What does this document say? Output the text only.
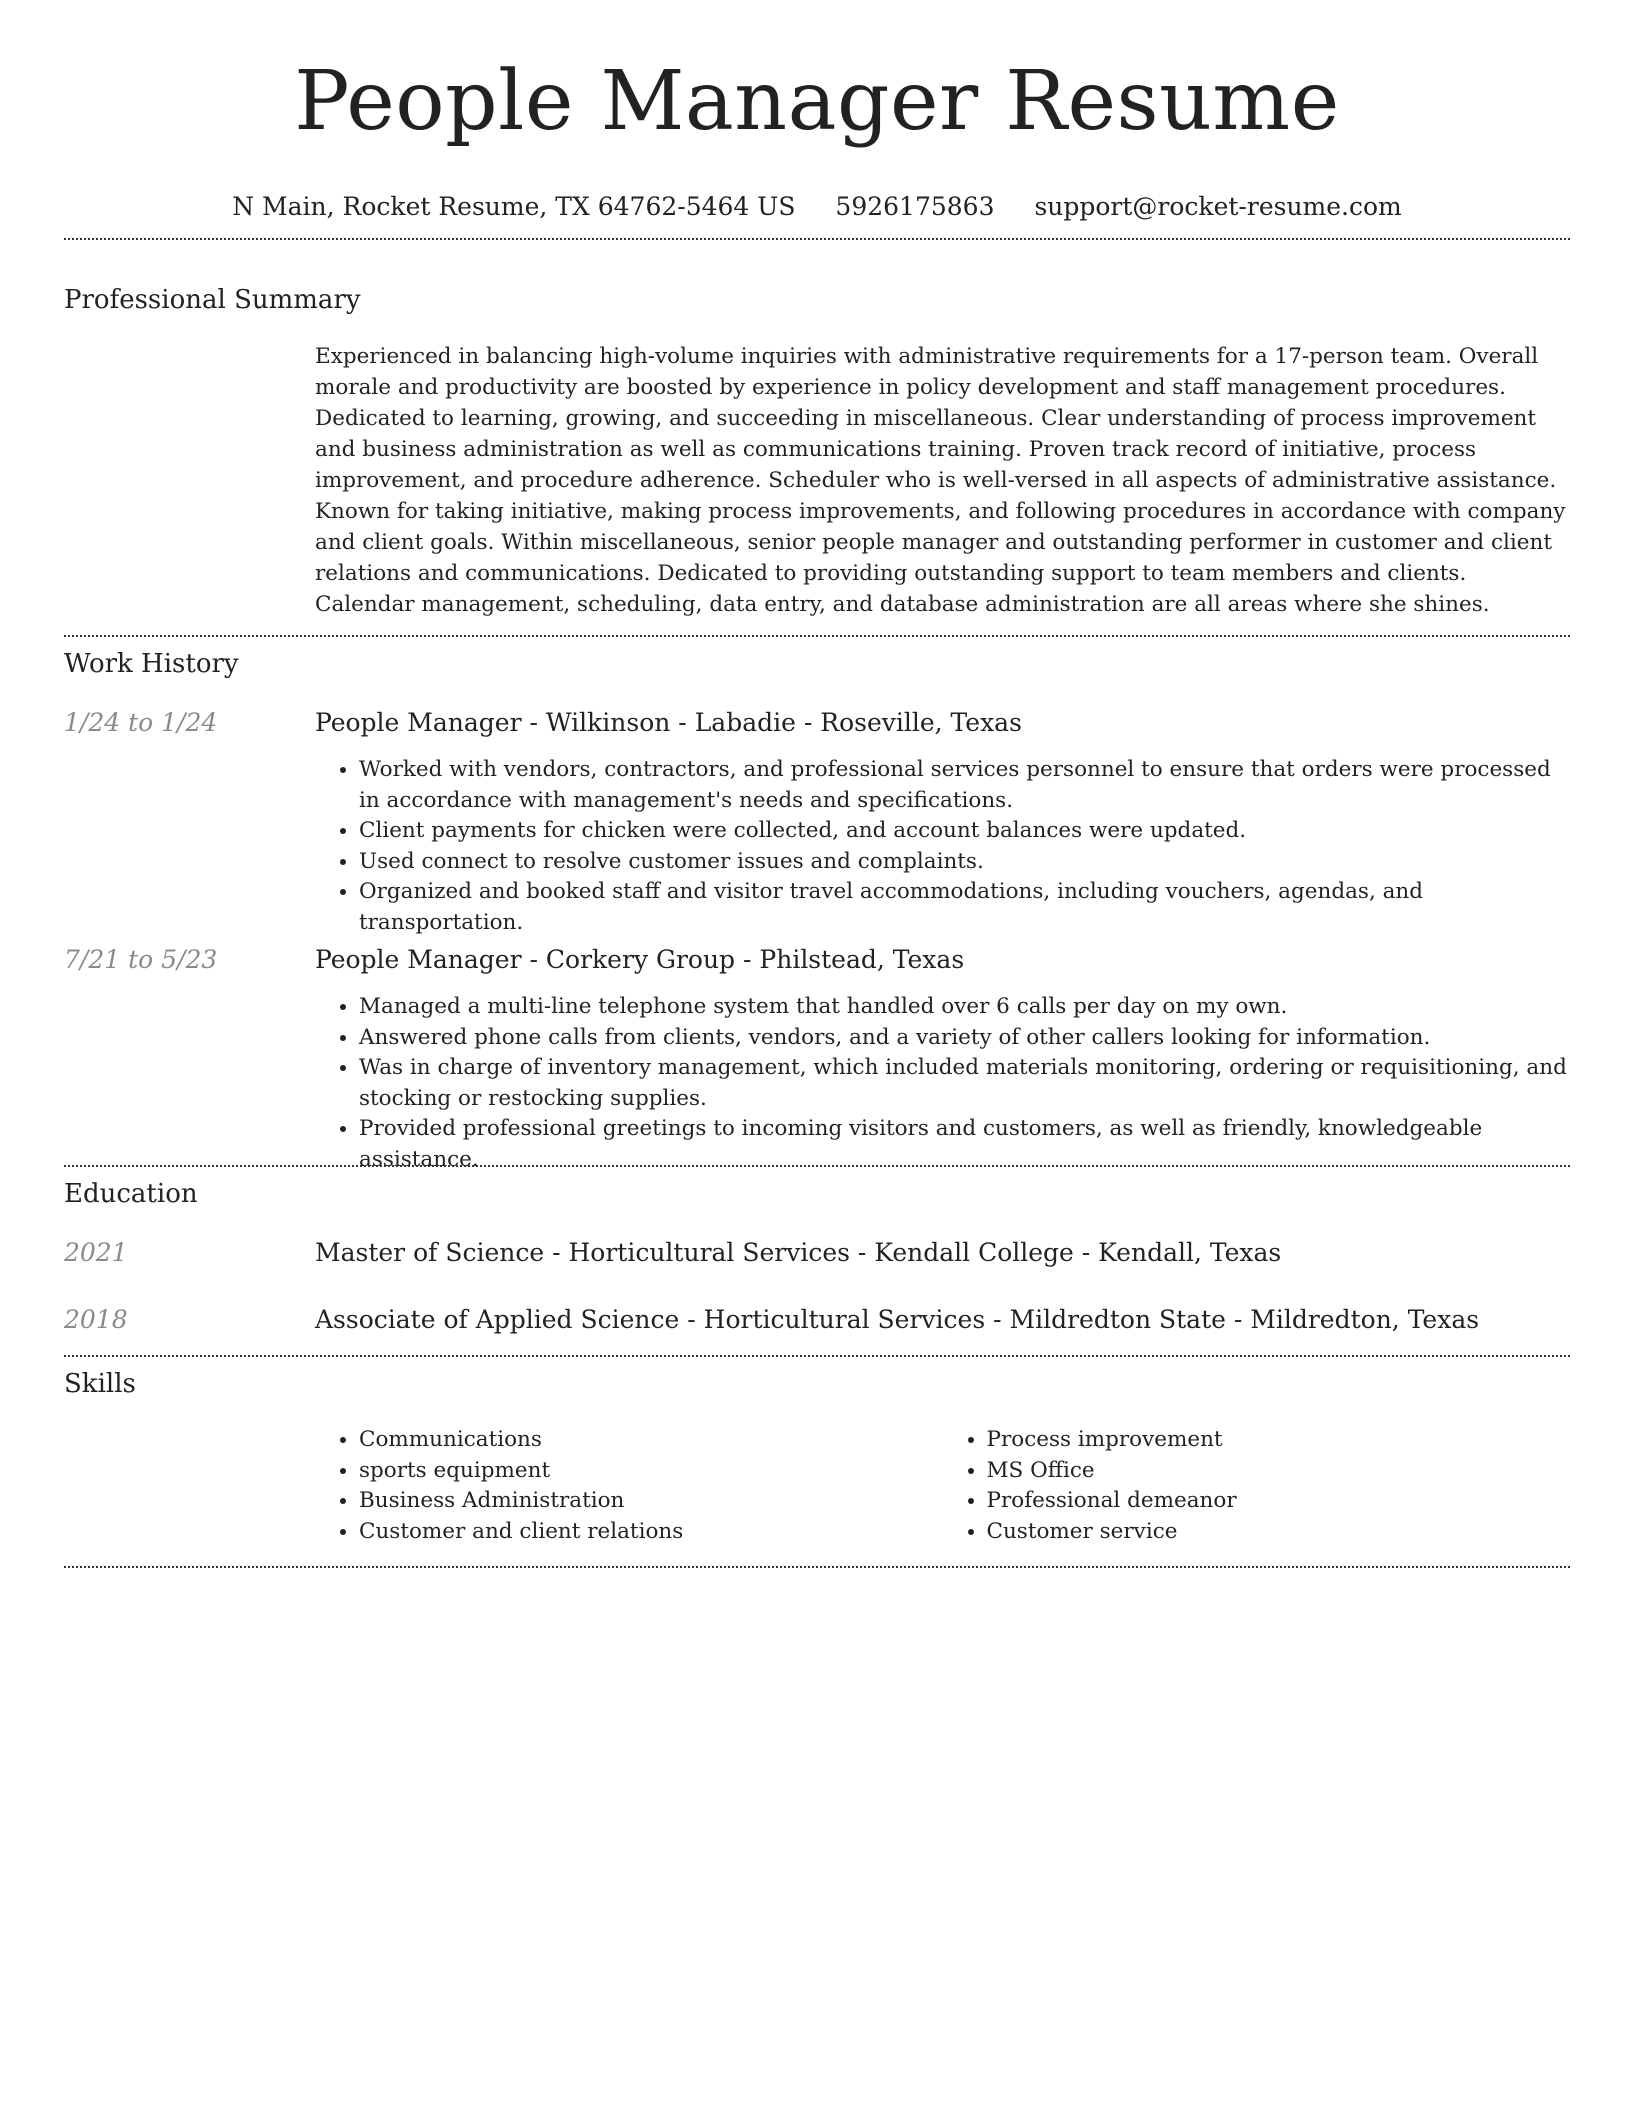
People Manager Resume
N Main, Rocket Resume, TX 64762-5464 US 5926175863 support@rocket-resume.com
Professional Summary

Experienced in balancing high-volume inquiries with administrative requirements for a 17-person team. Overall morale and productivity are boosted by experience in policy development and staff management procedures. Dedicated to learning, growing, and succeeding in miscellaneous. Clear understanding of process improvement and business administration as well as communications training. Proven track record of initiative, process improvement, and procedure adherence. Scheduler who is well-versed in all aspects of administrative assistance. Known for taking initiative, making process improvements, and following procedures in accordance with company and client goals. Within miscellaneous, senior people manager and outstanding performer in customer and client relations and communications. Dedicated to providing outstanding support to team members and clients. Calendar management, scheduling, data entry, and database administration are all areas where she shines.

Work History
1/24 to 1/24	People Manager - Wilkinson - Labadie - Roseville, Texas

• Worked with vendors, contractors, and professional services personnel to ensure that orders were processed in accordance with management's needs and specifications.
• Client payments for chicken were collected, and account balances were updated.
• Used connect to resolve customer issues and complaints.
• Organized and booked staff and visitor travel accommodations, including vouchers, agendas, and transportation.
7/21 to 5/23	People Manager - Corkery Group - Philstead, Texas

• Managed a multi-line telephone system that handled over 6 calls per day on my own.
• Answered phone calls from clients, vendors, and a variety of other callers looking for information.
• Was in charge of inventory management, which included materials monitoring, ordering or requisitioning, and stocking or restocking supplies.
• Provided professional greetings to incoming visitors and customers, as well as friendly, knowledgeable assistance.
Education
2021	Master of Science - Horticultural Services - Kendall College - Kendall, Texas

2018	Associate of Applied Science - Horticultural Services - Mildredton State - Mildredton, Texas

Skills
• Communications
• sports equipment
• Business Administration
• Customer and client relations
• Process improvement
• MS Office
• Professional demeanor
• Customer service
